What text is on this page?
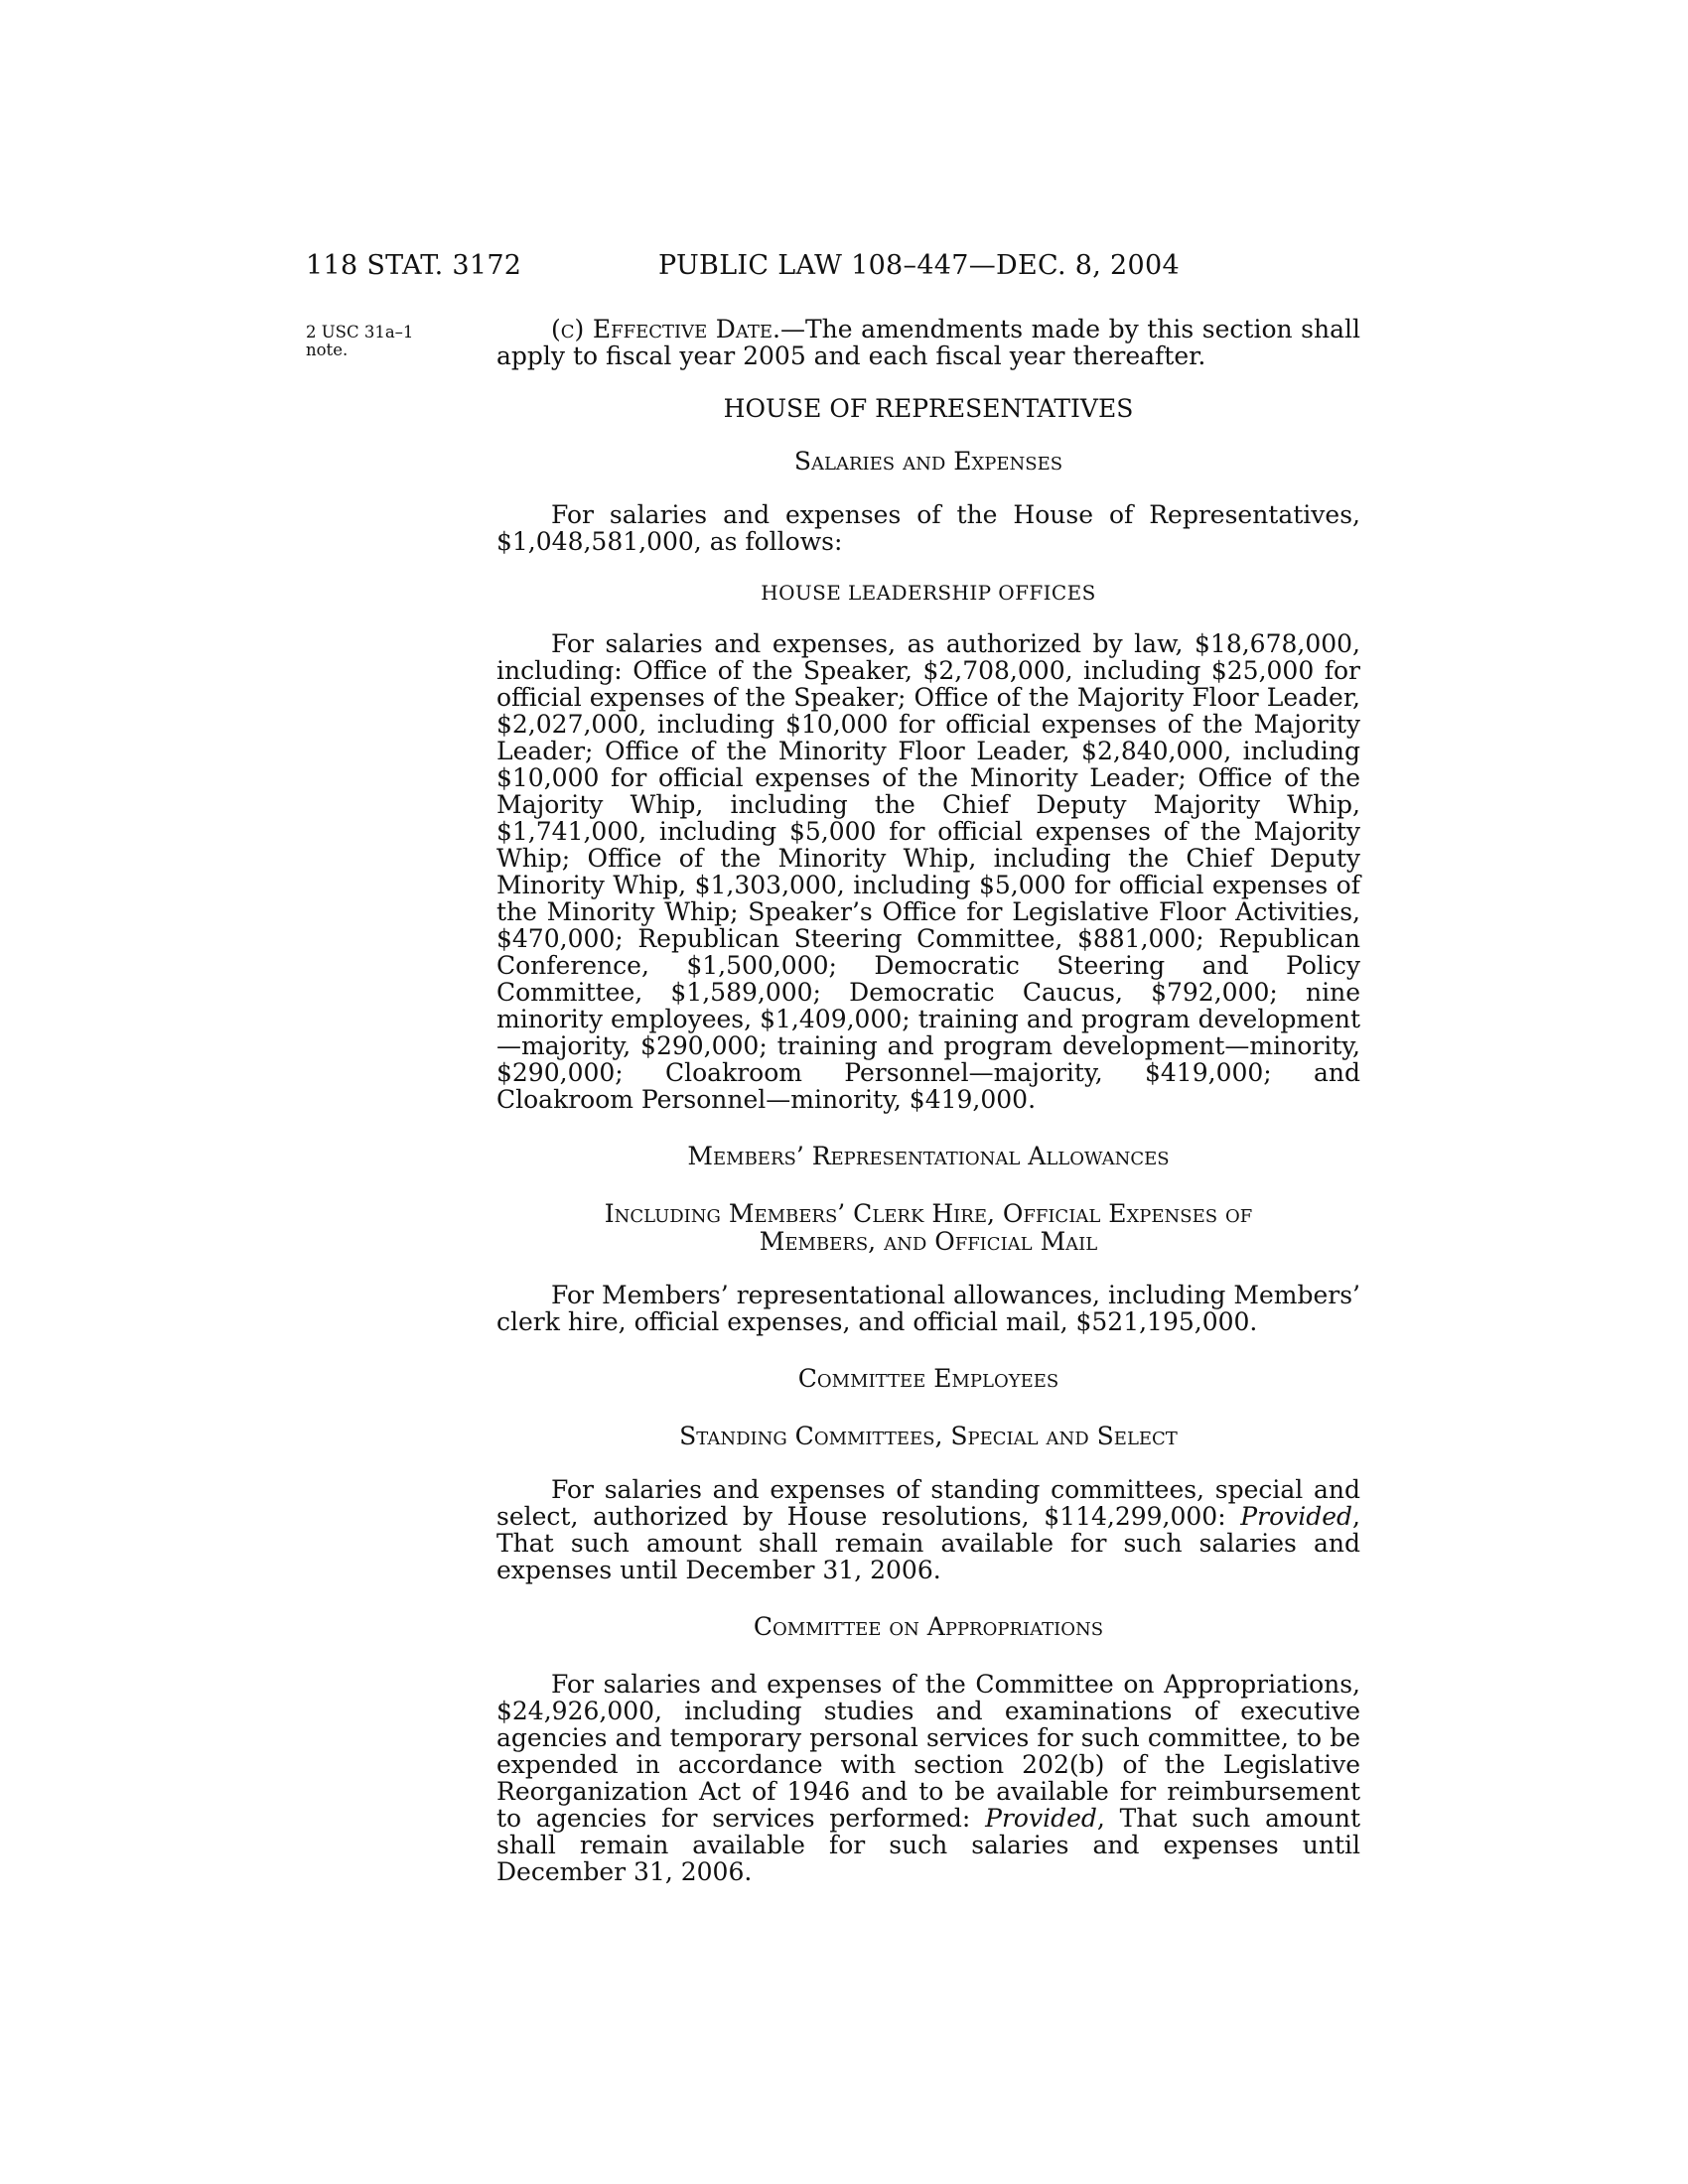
118 STAT. 3172	PUBLIC LAW 108–447—DEC. 8, 2004
2 USC 31a–1
note.

(c) Effective Date.—The amendments made by this section shall apply to fiscal year 2005 and each fiscal year thereafter.

HOUSE OF REPRESENTATIVES

Salaries and Expenses

For salaries and expenses of the House of Representatives, $1,048,581,000, as follows:

HOUSE LEADERSHIP OFFICES

For salaries and expenses, as authorized by law, $18,678,000, including: Office of the Speaker, $2,708,000, including $25,000 for official expenses of the Speaker; Office of the Majority Floor Leader, $2,027,000, including $10,000 for official expenses of the Majority Leader; Office of the Minority Floor Leader, $2,840,000, including $10,000 for official expenses of the Minority Leader; Office of the Majority Whip, including the Chief Deputy Majority Whip, $1,741,000, including $5,000 for official expenses of the Majority Whip; Office of the Minority Whip, including the Chief Deputy Minority Whip, $1,303,000, including $5,000 for official expenses of the Minority Whip; Speaker’s Office for Legislative Floor Activities, $470,000; Republican Steering Committee, $881,000; Republican Conference, $1,500,000; Democratic Steering and Policy Committee, $1,589,000; Democratic Caucus, $792,000; nine minority employees, $1,409,000; training and program development—majority, $290,000; training and program development—minority, $290,000; Cloakroom Personnel—majority, $419,000; and Cloakroom Personnel—minority, $419,000.

Members’ Representational Allowances

Including Members’ Clerk Hire, Official Expenses of

Members, and Official Mail

For Members’ representational allowances, including Members’ clerk hire, official expenses, and official mail, $521,195,000.

Committee Employees

Standing Committees, Special and Select

For salaries and expenses of standing committees, special and select, authorized by House resolutions, $114,299,000: Provided, That such amount shall remain available for such salaries and expenses until December 31, 2006.

Committee on Appropriations

For salaries and expenses of the Committee on Appropriations, $24,926,000, including studies and examinations of executive agencies and temporary personal services for such committee, to be expended in accordance with section 202(b) of the Legislative Reorganization Act of 1946 and to be available for reimbursement to agencies for services performed: Provided, That such amount shall remain available for such salaries and expenses until December 31, 2006.
